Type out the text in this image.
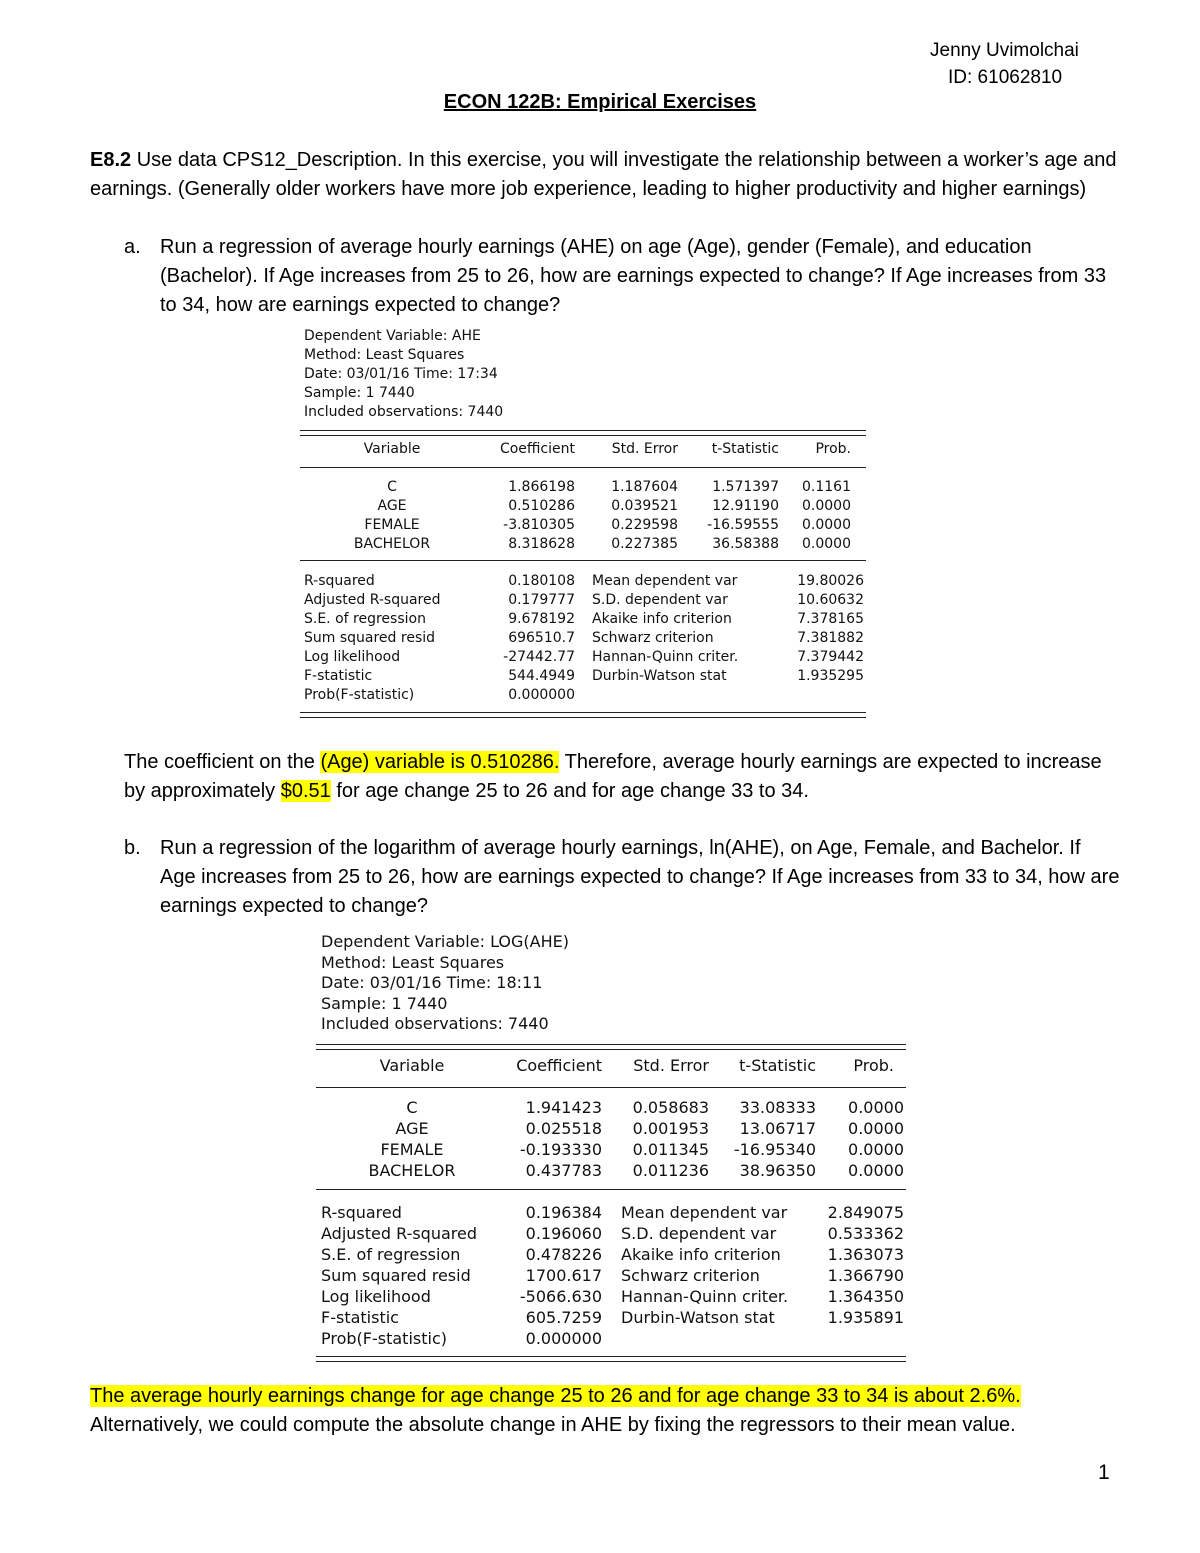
Jenny Uvimolchai
ID: 61062810
ECON 122B: Empirical Exercises
E8.2 Use data CPS12_Description. In this exercise, you will investigate the relationship between a worker’s age and earnings. (Generally older workers have more job experience, leading to higher productivity and higher earnings)
a. Run a regression of average hourly earnings (AHE) on age (Age), gender (Female), and education (Bachelor). If Age increases from 25 to 26, how are earnings expected to change? If Age increases from 33 to 34, how are earnings expected to change?
Dependent Variable: AHE
Method: Least Squares
Date: 03/01/16 Time: 17:34
Sample: 1 7440
Included observations: 7440
Variable	Coefficient	Std. Error	t-Statistic	Prob.
C	1.866198	1.187604	1.571397	0.1161
AGE	0.510286	0.039521	12.91190	0.0000
FEMALE	-3.810305	0.229598	-16.59555	0.0000
BACHELOR	8.318628	0.227385	36.58388	0.0000
R-squared	0.180108 Mean dependent var	19.80026
Adjusted R-squared	0.179777 S.D. dependent var	10.60632
S.E. of regression	9.678192 Akaike info criterion	7.378165
Sum squared resid	696510.7 Schwarz criterion	7.381882
Log likelihood	-27442.77 Hannan-Quinn criter.	7.379442
F-statistic	544.4949 Durbin-Watson stat	1.935295
Prob(F-statistic)	0.000000
The coefficient on the (Age) variable is 0.510286. Therefore, average hourly earnings are expected to increase by approximately $0.51 for age change 25 to 26 and for age change 33 to 34.
b. Run a regression of the logarithm of average hourly earnings, ln(AHE), on Age, Female, and Bachelor. If Age increases from 25 to 26, how are earnings expected to change? If Age increases from 33 to 34, how are earnings expected to change?
Dependent Variable: LOG(AHE)
Method: Least Squares
Date: 03/01/16 Time: 18:11
Sample: 1 7440
Included observations: 7440
Variable	Coefficient	Std. Error	t-Statistic	Prob.
C	1.941423	0.058683	33.08333	0.0000
AGE	0.025518	0.001953	13.06717	0.0000
FEMALE	-0.193330	0.011345	-16.95340	0.0000
BACHELOR	0.437783	0.011236	38.96350	0.0000
R-squared	0.196384 Mean dependent var	2.849075
Adjusted R-squared	0.196060 S.D. dependent var	0.533362
S.E. of regression	0.478226 Akaike info criterion	1.363073
Sum squared resid	1700.617 Schwarz criterion	1.366790
Log likelihood	-5066.630 Hannan-Quinn criter.	1.364350
F-statistic	605.7259 Durbin-Watson stat	1.935891
Prob(F-statistic)	0.000000
The average hourly earnings change for age change 25 to 26 and for age change 33 to 34 is about 2.6%.
Alternatively, we could compute the absolute change in AHE by fixing the regressors to their mean value.
1
